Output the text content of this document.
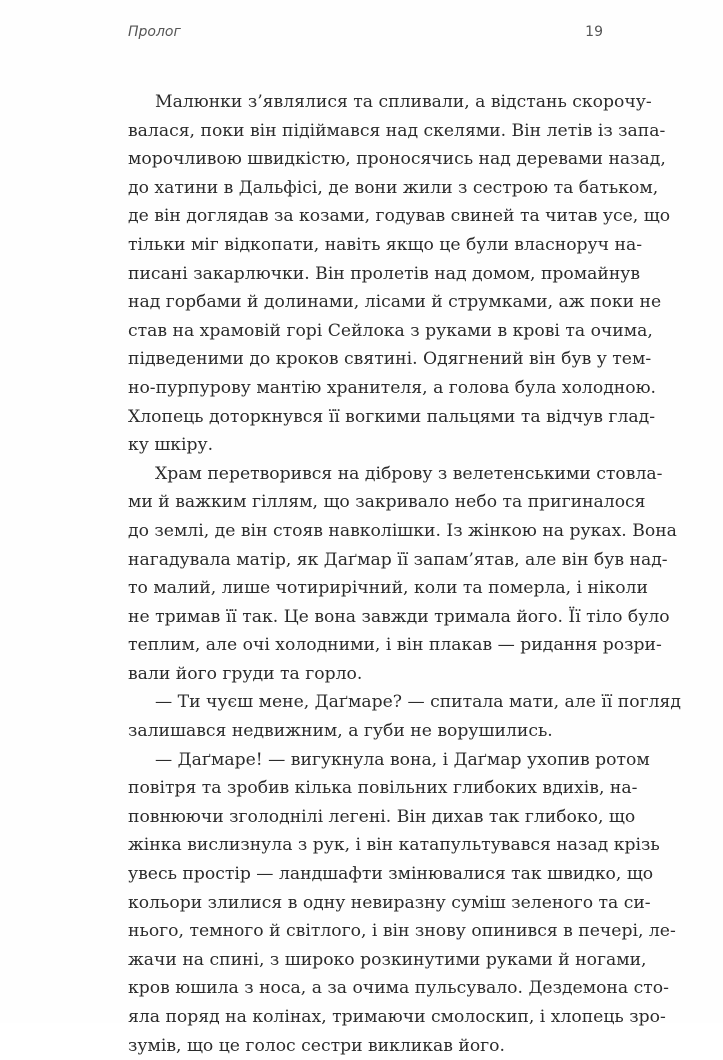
Пролог	19
Малюнки з’являлися та спливали, а відстань скорочу-
валася, поки він підіймався над скелями. Він летів із запа-
морочливою швидкістю, проносячись над деревами назад,
до хатини в Дальфісі, де вони жили з сестрою та батьком,
де він доглядав за козами, годував свиней та читав усе, що
тільки міг відкопати, навіть якщо це були власноруч на-
писані закарлючки. Він пролетів над домом, промайнув
над горбами й долинами, лісами й струмками, аж поки не
став на храмовій горі Сейлока з руками в крові та очима,
підведеними до кроков святині. Одягнений він був у тем-
но-пурпурову мантію хранителя, а голова була холодною.
Хлопець доторкнувся її вогкими пальцями та відчув глад-
ку шкіру.
Храм перетворився на діброву з велетенськими стовла-
ми й важким гіллям, що закривало небо та пригиналося
до землі, де він стояв навколішки. Із жінкою на руках. Вона
нагадувала матір, як Даґмар її запам’ятав, але він був над-
то малий, лише чотирирічний, коли та померла, і ніколи
не тримав її так. Це вона завжди тримала його. Її тіло було
теплим, але очі холодними, і він плакав — ридання розри-
вали його груди та горло.
— Ти чуєш мене, Даґмаре? — спитала мати, але її погляд
залишався недвижним, а губи не ворушились.
— Даґмаре! — вигукнула вона, і Даґмар ухопив ротом
повітря та зробив кілька повільних глибоких вдихів, на-
повнюючи зголоднілі легені. Він дихав так глибоко, що
жінка вислизнула з рук, і він катапультувався назад крізь
увесь простір — ландшафти змінювалися так швидко, що
кольори злилися в одну невиразну суміш зеленого та си-
нього, темного й світлого, і він знову опинився в печері, ле-
жачи на спині, з широко розкинутими руками й ногами,
кров юшила з носа, а за очима пульсувало. Дездемона сто-
яла поряд на колінах, тримаючи смолоскип, і хлопець зро-
зумів, що це голос сестри викликав його.
